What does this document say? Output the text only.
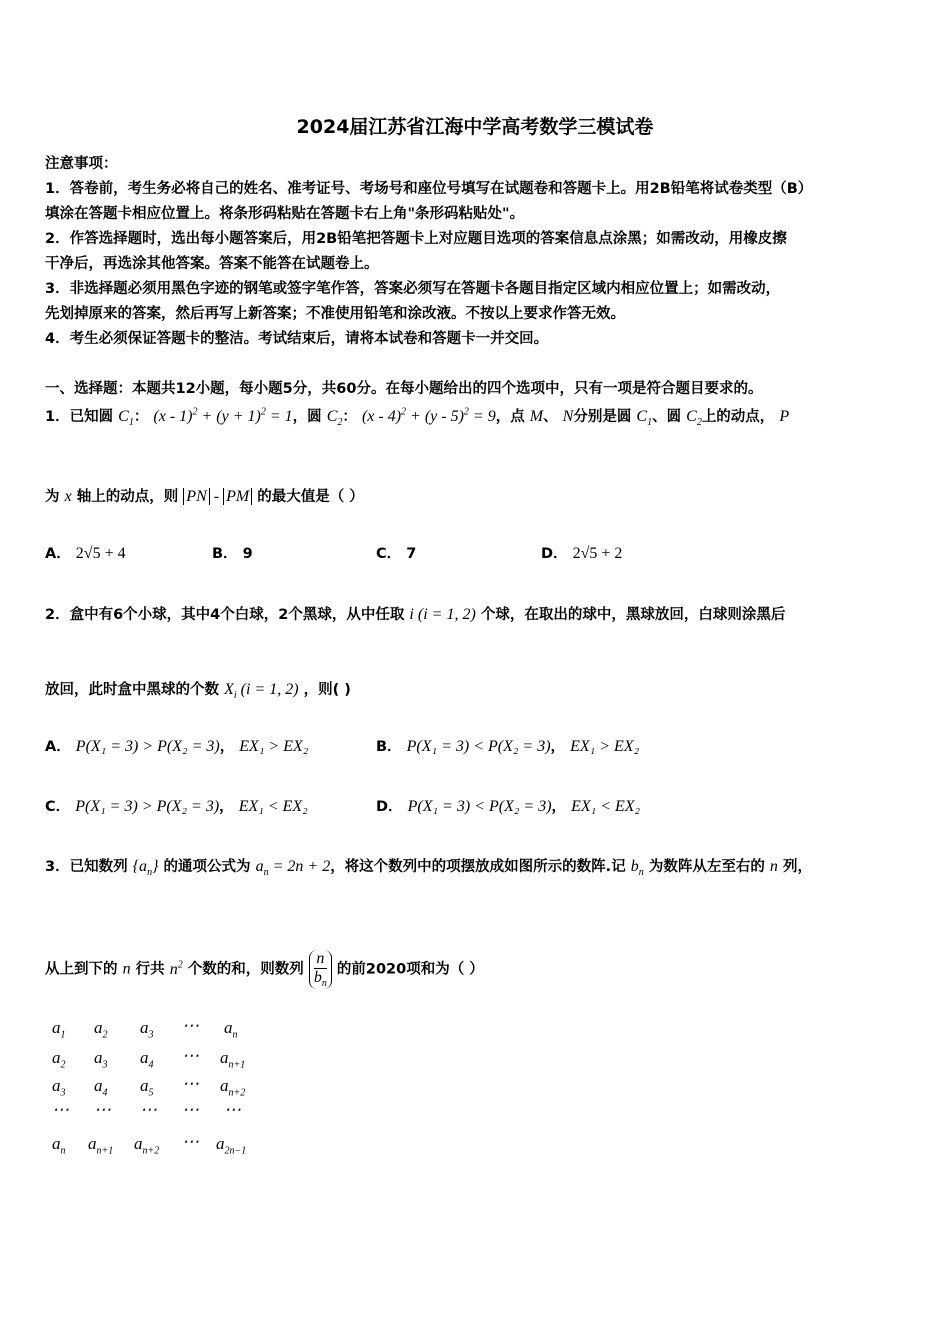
2024届江苏省江海中学高考数学三模试卷
注意事项：
1．答卷前，考生务必将自己的姓名、准考证号、考场号和座位号填写在试题卷和答题卡上。用2B铅笔将试卷类型（B）
填涂在答题卡相应位置上。将条形码粘贴在答题卡右上角"条形码粘贴处"。
2．作答选择题时，选出每小题答案后，用2B铅笔把答题卡上对应题目选项的答案信息点涂黑；如需改动，用橡皮擦
干净后，再选涂其他答案。答案不能答在试题卷上。
3．非选择题必须用黑色字迹的钢笔或签字笔作答，答案必须写在答题卡各题目指定区域内相应位置上；如需改动，
先划掉原来的答案，然后再写上新答案；不准使用铅笔和涂改液。不按以上要求作答无效。
4．考生必须保证答题卡的整洁。考试结束后，请将本试卷和答题卡一并交回。
一、选择题：本题共12小题，每小题5分，共60分。在每小题给出的四个选项中，只有一项是符合题目要求的。
1．已知圆 $C_1$： $(x - 1)^2 + (y + 1)^2 = 1$，圆 $C_2$： (x - 4)$^2$ + (y - 5)$^2$ = 9，点 M、 N分别是圆 $C_1$、圆 $C_2$上的动点， P
为 x 轴上的动点，则 PN - PM 的最大值是（ ）
A． 2√5 + 4	B． 9	C． 7	D． 2√5 + 2
2．盒中有6个小球，其中4个白球，2个黑球，从中任取 i (i = 1, 2) 个球，在取出的球中，黑球放回，白球则涂黑后
放回，此时盒中黑球的个数 $X_i$ (i = 1, 2) ，则( )
A． P(X₁ = 3) > P(X₂ = 3)， EX₁ > EX₂	B． P(X₁ = 3) < P(X₂ = 3)， EX₁ > EX₂
C． P(X₁ = 3) > P(X₂ = 3)， EX₁ < EX₂	D． P(X₁ = 3) < P(X₂ = 3)， EX₁ < EX₂
3．已知数列 $\{a_n\}$ 的通项公式为 $a_n = 2n + 2$，将这个数列中的项摆放成如图所示的数阵.记 $b_n$ 为数阵从左至右的 n 列，
从上到下的 n 行共 $n^2$ 个数的和，则数列 $\frac{n}{b_n}$ 的前2020项和为（ ）
$a_1$ $a_2$ $a_3$ ⋯ $a_n$
$a_2$ $a_3$ $a_4$ ⋯ $a_{n+1}$
$a_3$ $a_4$ $a_5$ ⋯ $a_{n+2}$
⋯ ⋯ ⋯ ⋯ ⋯
$a_n$ $a_{n+1}$ $a_{n+2}$ ⋯ $a_{2n-1}$
